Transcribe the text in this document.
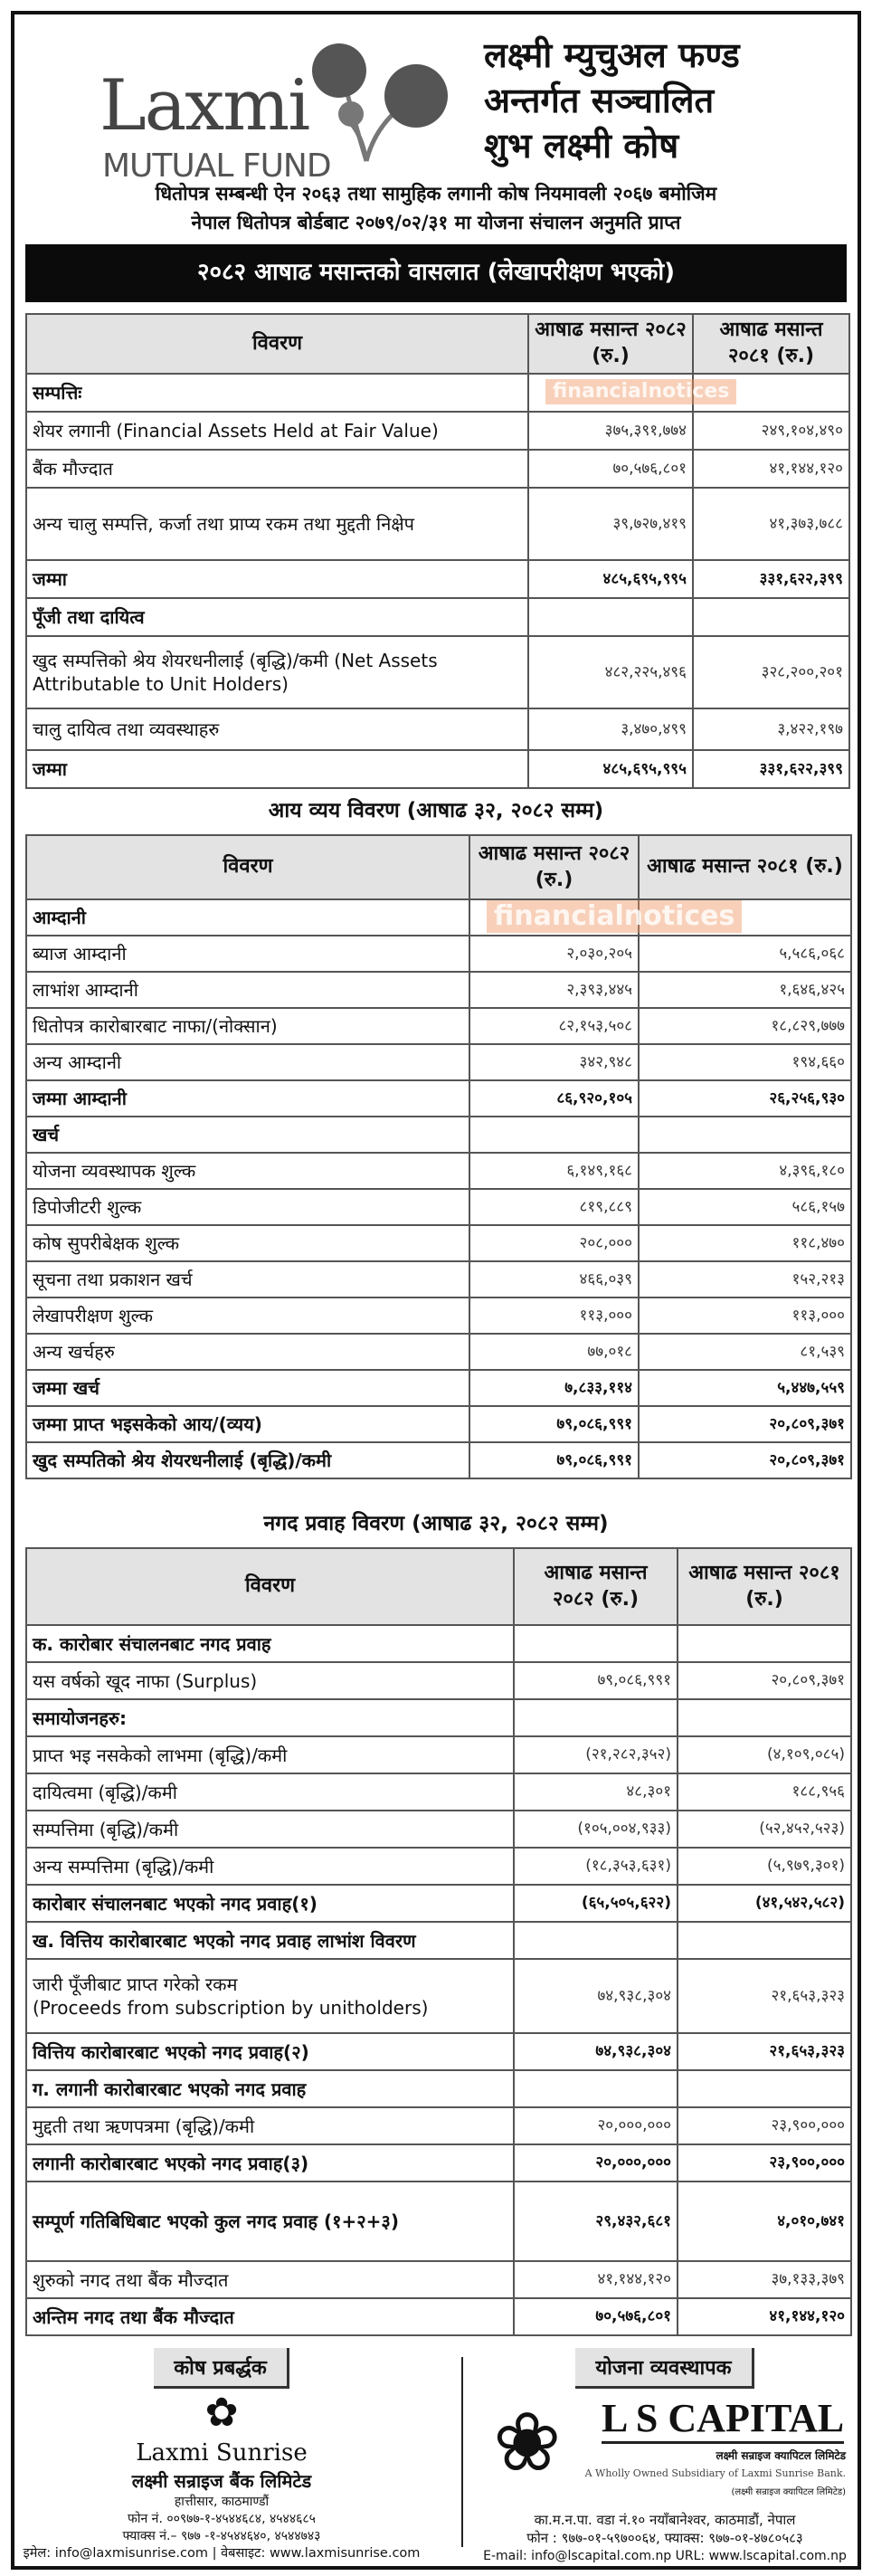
Laxmi
MUTUAL FUND
लक्ष्मी म्युचुअल फण्ड
अन्तर्गत सञ्चालित
शुभ लक्ष्मी कोष
धितोपत्र सम्बन्धी ऐन २०६३ तथा सामुहिक लगानी कोष नियमावली २०६७ बमोजिम
नेपाल धितोपत्र बोर्डबाट २०७९/०२/३१ मा योजना संचालन अनुमति प्राप्त
२०८२ आषाढ मसान्तको वासलात (लेखापरीक्षण भएको)
विवरण	आषाढ मसान्त २०८२ (रु.)	आषाढ मसान्त २०८१ (रु.)
सम्पत्तिः		
शेयर लगानी (Financial Assets Held at Fair Value)	३७५,३९१,७७४	२४९,१०४,४९०
बैंक मौज्दात	७०,५७६,८०१	४१,१४४,१२०
अन्य चालु सम्पत्ति, कर्जा तथा प्राप्य रकम तथा मुद्दती निक्षेप	३९,७२७,४१९	४१,३७३,७८८
जम्मा	४८५,६९५,९९५	३३१,६२२,३९९
पूँजी तथा दायित्व		
खुद सम्पत्तिको श्रेय शेयरधनीलाई (बृद्धि)/कमी (Net Assets Attributable to Unit Holders)	४८२,२२५,४९६	३२८,२००,२०१
चालु दायित्व तथा व्यवस्थाहरु	३,४७०,४९९	३,४२२,१९७
जम्मा	४८५,६९५,९९५	३३१,६२२,३९९
आय व्यय विवरण (आषाढ ३२, २०८२ सम्म)
विवरण	आषाढ मसान्त २०८२ (रु.)	आषाढ मसान्त २०८१ (रु.)
आम्दानी		
ब्याज आम्दानी	२,०३०,२०५	५,५८६,०६८
लाभांश आम्दानी	२,३९३,४४५	१,६४६,४२५
धितोपत्र कारोबारबाट नाफा/(नोक्सान)	८२,१५३,५०८	१८,८२९,७७७
अन्य आम्दानी	३४२,९४८	१९४,६६०
जम्मा आम्दानी	८६,९२०,१०५	२६,२५६,९३०
खर्च		
योजना व्यवस्थापक शुल्क	६,१४९,१६८	४,३९६,१८०
डिपोजीटरी शुल्क	८१९,८८९	५८६,१५७
कोष सुपरीबेक्षक शुल्क	२०८,०००	११८,४७०
सूचना तथा प्रकाशन खर्च	४६६,०३९	१५२,२१३
लेखापरीक्षण शुल्क	११३,०००	११३,०००
अन्य खर्चहरु	७७,०१८	८१,५३९
जम्मा खर्च	७,८३३,११४	५,४४७,५५९
जम्मा प्राप्त भइसकेको आय/(व्यय)	७९,०८६,९९१	२०,८०९,३७१
खुद सम्पतिको श्रेय शेयरधनीलाई (बृद्धि)/कमी	७९,०८६,९९१	२०,८०९,३७१
नगद प्रवाह विवरण (आषाढ ३२, २०८२ सम्म)
विवरण	आषाढ मसान्त २०८२ (रु.)	आषाढ मसान्त २०८१ (रु.)
क. कारोबार संचालनबाट नगद प्रवाह		
यस वर्षको खूद नाफा (Surplus)	७९,०८६,९९१	२०,८०९,३७१
समायोजनहरु:		
प्राप्त भइ नसकेको लाभमा (बृद्धि)/कमी	(२१,२८२,३५२)	(४,१०९,०८५)
दायित्वमा (बृद्धि)/कमी	४८,३०१	१८८,९५६
सम्पत्तिमा (बृद्धि)/कमी	(१०५,००४,९३३)	(५२,४५२,५२३)
अन्य सम्पत्तिमा (बृद्धि)/कमी	(१८,३५३,६३१)	(५,९७९,३०१)
कारोबार संचालनबाट भएको नगद प्रवाह(१)	(६५,५०५,६२२)	(४१,५४२,५८२)
ख. वित्तिय कारोबारबाट भएको नगद प्रवाह लाभांश विवरण		
जारी पूँजीबाट प्राप्त गरेको रकम
(Proceeds from subscription by unitholders)	७४,९३८,३०४	२१,६५३,३२३
वित्तिय कारोबारबाट भएको नगद प्रवाह(२)	७४,९३८,३०४	२१,६५३,३२३
ग. लगानी कारोबारबाट भएको नगद प्रवाह		
मुद्दती तथा ऋणपत्रमा (बृद्धि)/कमी	२०,०००,०००	२३,९००,०००
लगानी कारोबारबाट भएको नगद प्रवाह(३)	२०,०००,०००	२३,९००,०००
सम्पूर्ण गतिबिधिबाट भएको कुल नगद प्रवाह (१+२+३)	२९,४३२,६८१	४,०१०,७४१
शुरुको नगद तथा बैंक मौज्दात	४१,१४४,१२०	३७,१३३,३७९
अन्तिम नगद तथा बैंक मौज्दात	७०,५७६,८०१	४१,१४४,१२०
कोष प्रबर्द्धक
✿
Laxmi Sunrise
लक्ष्मी सन्राइज बैंक लिमिटेड
हात्तीसार, काठमाण्डौं
फोन नं. ००९७७-१-४५४४६८४, ४५४४६८५
फ्याक्स नं.– ९७७ -१-४५४४६४०, ४५४४७४३
इमेल: info@laxmisunrise.com | वेबसाइट: www.laxmisunrise.com
योजना व्यवस्थापक
❀ L S CAPITAL
लक्ष्मी सन्राइज क्यापिटल लिमिटेड
A Wholly Owned Subsidiary of Laxmi Sunrise Bank.
(लक्ष्मी सन्राइज क्यापिटल लिमिटेड)
का.म.न.पा. वडा नं.१० नयाँबानेश्वर, काठमाडौं, नेपाल
फोन : ९७७-०१-५९७००६४, फ्याक्स: ९७७-०१-४७८०५८३
E-mail: info@lscapital.com.np URL: www.lscapital.com.np
financialnotices
financialnotices
